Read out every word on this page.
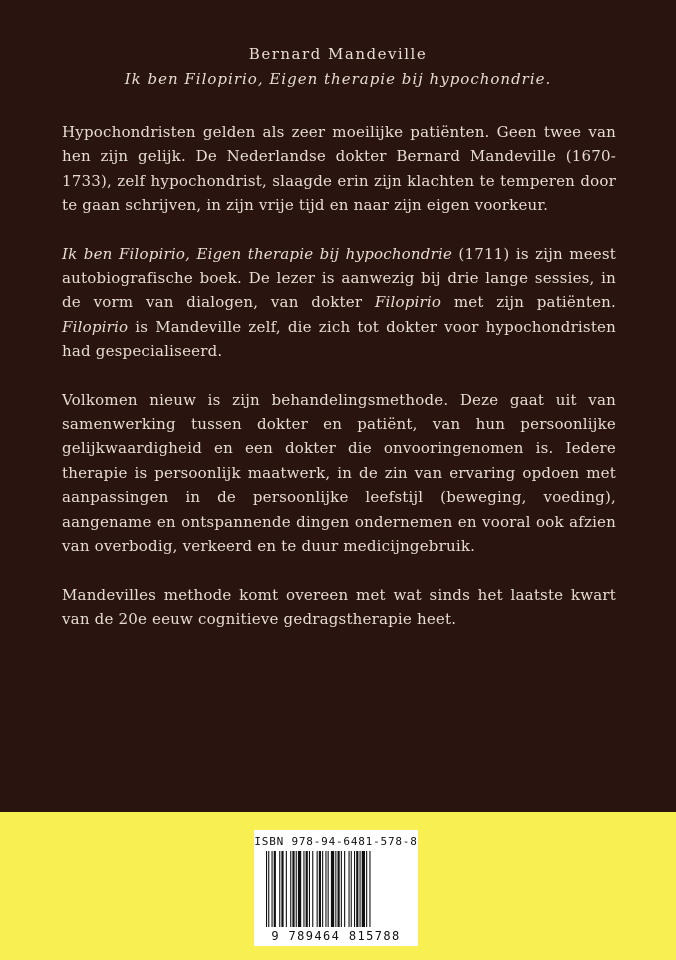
Bernard Mandeville
Ik ben Filopirio, Eigen therapie bij hypochondrie.

Hypochondristen gelden als zeer moeilijke patiënten. Geen twee van hen zijn gelijk. De Nederlandse dokter Bernard Mandeville (1670-1733), zelf hypochondrist, slaagde erin zijn klachten te temperen door te gaan schrijven, in zijn vrije tijd en naar zijn eigen voorkeur.

Ik ben Filopirio, Eigen therapie bij hypochondrie (1711) is zijn meest autobiografische boek. De lezer is aanwezig bij drie lange sessies, in de vorm van dialogen, van dokter Filopirio met zijn patiënten. Filopirio is Mandeville zelf, die zich tot dokter voor hypochondristen had gespecialiseerd.

Volkomen nieuw is zijn behandelingsmethode. Deze gaat uit van samenwerking tussen dokter en patiënt, van hun persoonlijke gelijkwaardigheid en een dokter die onvooringenomen is. Iedere therapie is persoonlijk maatwerk, in de zin van ervaring opdoen met aanpassingen in de persoonlijke leefstijl (beweging, voeding), aangename en ontspannende dingen ondernemen en vooral ook afzien van overbodig, verkeerd en te duur medicijngebruik.

Mandevilles methode komt overeen met wat sinds het laatste kwart van de 20e eeuw cognitieve gedragstherapie heet.

ISBN 978-94-6481-578-8
9 789464 815788
